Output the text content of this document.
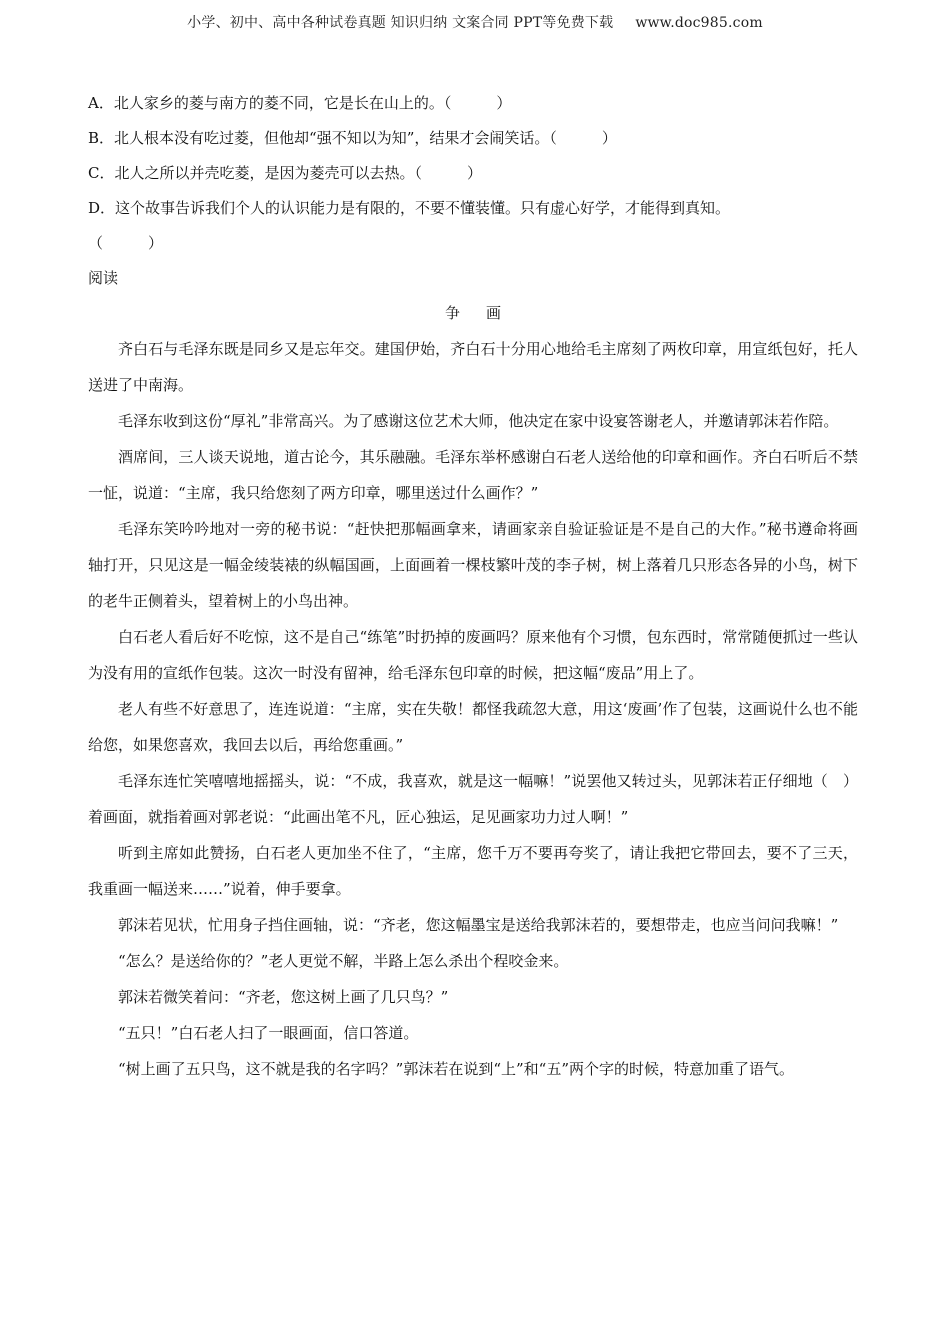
小学、初中、高中各种试卷真题 知识归纳 文案合同 PPT等免费下载 www.doc985.com
A．北人家乡的菱与南方的菱不同，它是长在山上的。（　　　）
B．北人根本没有吃过菱，但他却“强不知以为知”，结果才会闹笑话。（　　　）
C．北人之所以并壳吃菱，是因为菱壳可以去热。（　　　）
D．这个故事告诉我们个人的认识能力是有限的，不要不懂装懂。只有虚心好学，才能得到真知。
（　　　）
阅读
争 画

齐白石与毛泽东既是同乡又是忘年交。建国伊始，齐白石十分用心地给毛主席刻了两枚印章，用宣纸包好，托人送进了中南海。

毛泽东收到这份“厚礼”非常高兴。为了感谢这位艺术大师，他决定在家中设宴答谢老人，并邀请郭沫若作陪。

酒席间，三人谈天说地，道古论今，其乐融融。毛泽东举杯感谢白石老人送给他的印章和画作。齐白石听后不禁一怔，说道：“主席，我只给您刻了两方印章，哪里送过什么画作？”

毛泽东笑吟吟地对一旁的秘书说：“赶快把那幅画拿来，请画家亲自验证验证是不是自己的大作。”秘书遵命将画轴打开，只见这是一幅金绫装裱的纵幅国画，上面画着一棵枝繁叶茂的李子树，树上落着几只形态各异的小鸟，树下的老牛正侧着头，望着树上的小鸟出神。

白石老人看后好不吃惊，这不是自己“练笔”时扔掉的废画吗？原来他有个习惯，包东西时，常常随便抓过一些认为没有用的宣纸作包装。这次一时没有留神，给毛泽东包印章的时候，把这幅“废品”用上了。

老人有些不好意思了，连连说道：“主席，实在失敬！都怪我疏忽大意，用这‘废画’作了包装，这画说什么也不能给您，如果您喜欢，我回去以后，再给您重画。”

毛泽东连忙笑嘻嘻地摇摇头，说：“不成，我喜欢，就是这一幅嘛！”说罢他又转过头，见郭沫若正仔细地（　）着画面，就指着画对郭老说：“此画出笔不凡，匠心独运，足见画家功力过人啊！”

听到主席如此赞扬，白石老人更加坐不住了，“主席，您千万不要再夸奖了，请让我把它带回去，要不了三天，我重画一幅送来……”说着，伸手要拿。

郭沫若见状，忙用身子挡住画轴，说：“齐老，您这幅墨宝是送给我郭沫若的，要想带走，也应当问问我嘛！”

“怎么？是送给你的？”老人更觉不解，半路上怎么杀出个程咬金来。

郭沫若微笑着问：“齐老，您这树上画了几只鸟？”

“五只！”白石老人扫了一眼画面，信口答道。

“树上画了五只鸟，这不就是我的名字吗？”郭沫若在说到“上”和“五”两个字的时候，特意加重了语气。
